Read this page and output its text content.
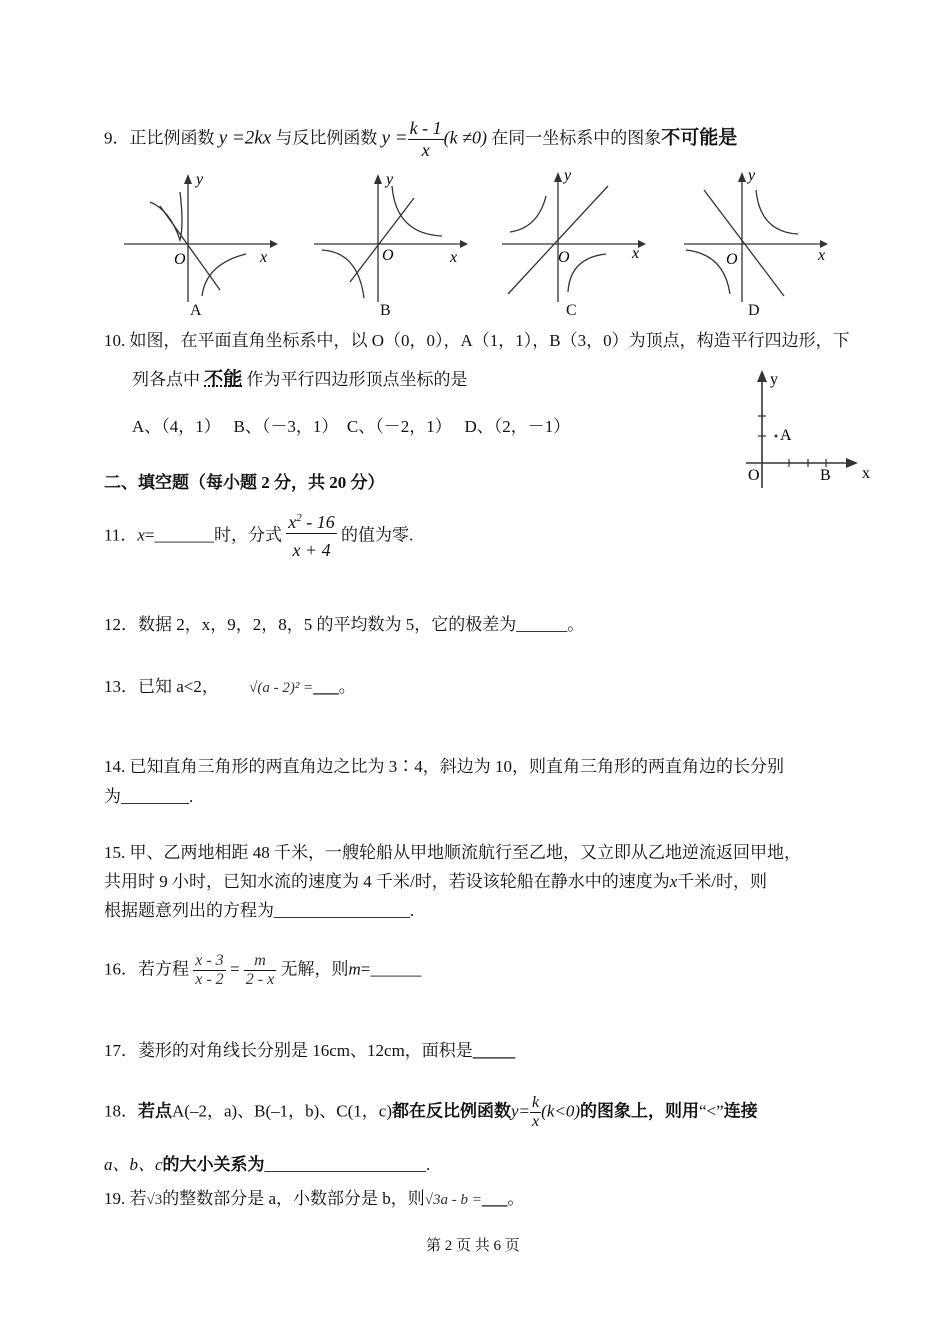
9．正比例函数 y =2kx 与反比例函数 $y = \frac{k - 1}{x} (k \ne 0)$ 在同一坐标系中的图象不可能是
y
x
O
A
y
x
O
B
y
x
O
C
y
x
O
D
10. 如图，在平面直角坐标系中，以 O（0，0），A（1，1），B（3，0）为顶点，构造平行四边形，下
列各点中 不能 作为平行四边形顶点坐标的是
A、（4，1）　 B、（－3，1）　C、（－2，1）　 D、（2，－1）
y
x
O
A
B
二、填空题（每小题 2 分，共 20 分）
11．x=_______时，分式 $\frac{x^2 - 16}{x + 4}$ 的值为零.
12．数据 2，x，9，2，8，5 的平均数为 5，它的极差为______。
13．已知 a<2， √(a - 2)² =___。
14. 已知直角三角形的两直角边之比为 3∶4，斜边为 10，则直角三角形的两直角边的长分别
为________.
15. 甲、乙两地相距 48 千米，一艘轮船从甲地顺流航行至乙地，又立即从乙地逆流返回甲地，
共用时 9 小时，已知水流的速度为 4 千米/时，若设该轮船在静水中的速度为x千米/时，则
根据题意列出的方程为________________.
16．若方程 $\frac{x - 3}{x - 2} = \frac{m}{2 - x}$ 无解，则m=______
17．菱形的对角线长分别是 16cm、12cm，面积是_____
18．若点A(–2，a)、B(–1，b)、C(1，c)都在反比例函数$y= \frac{k}{x} (k<0)$的图象上，则用“<”连接
a、b、c的大小关系为___________________.
19. 若√3的整数部分是 a，小数部分是 b，则√3a - b =___。
第 2 页 共 6 页
